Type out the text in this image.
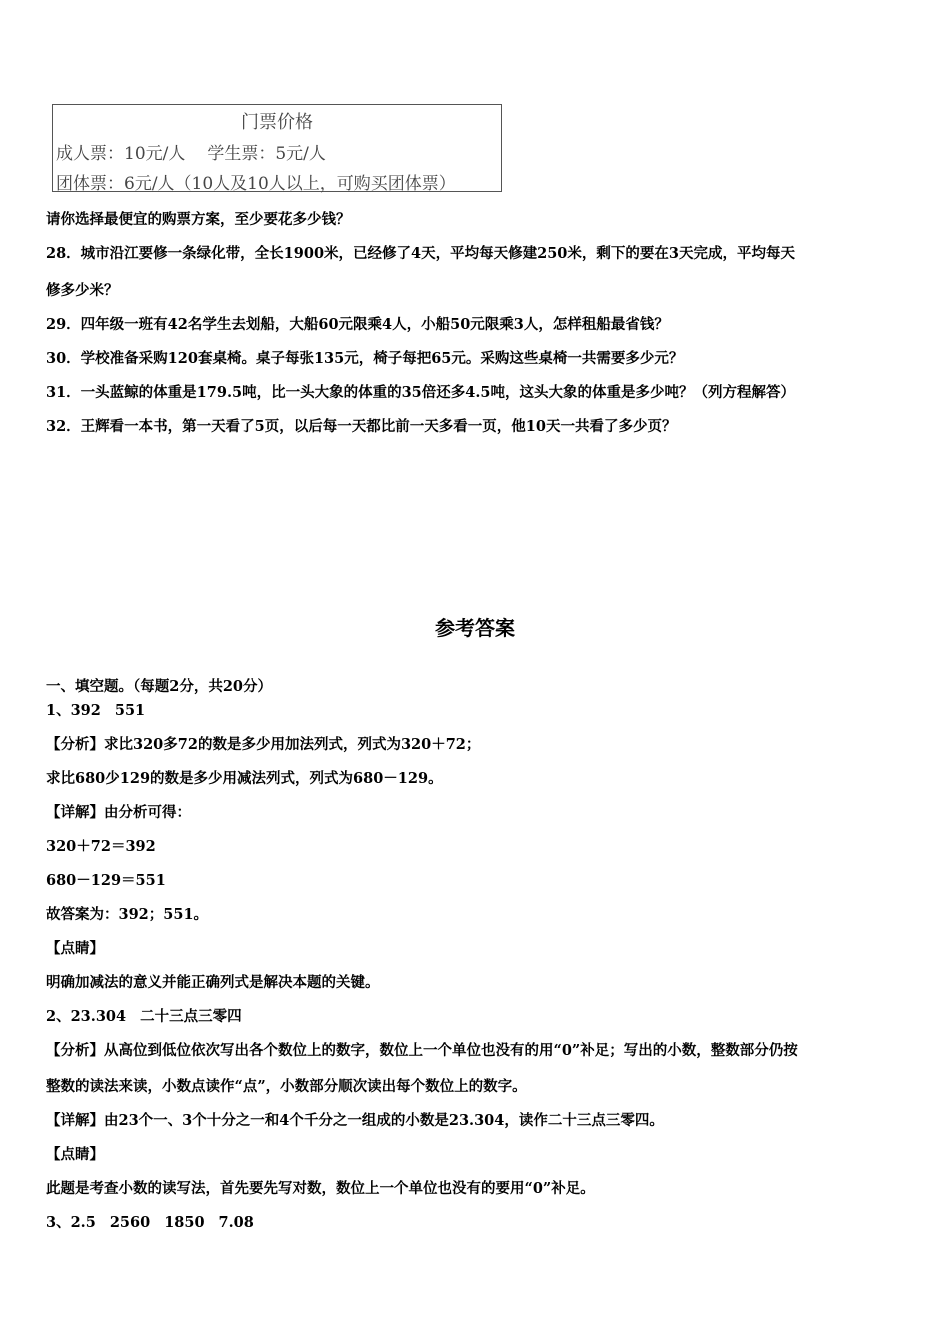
门票价格
成人票：10元/人 学生票：5元/人
团体票：6元/人（10人及10人以上，可购买团体票）
请你选择最便宜的购票方案，至少要花多少钱？
28．城市沿江要修一条绿化带，全长1900米，已经修了4天，平均每天修建250米，剩下的要在3天完成，平均每天
修多少米？
29．四年级一班有42名学生去划船，大船60元限乘4人，小船50元限乘3人，怎样租船最省钱？
30．学校准备采购120套桌椅。桌子每张135元，椅子每把65元。采购这些桌椅一共需要多少元？
31．一头蓝鲸的体重是179.5吨，比一头大象的体重的35倍还多4.5吨，这头大象的体重是多少吨？（列方程解答）
32．王辉看一本书，第一天看了5页，以后每一天都比前一天多看一页，他10天一共看了多少页？
参考答案
一、填空题。（每题2分，共20分）
1、392 551
【分析】求比320多72的数是多少用加法列式，列式为320＋72；
求比680少129的数是多少用减法列式，列式为680－129。
【详解】由分析可得：
320＋72＝392
680－129＝551
故答案为：392；551。
【点睛】
明确加减法的意义并能正确列式是解决本题的关键。
2、23.304 二十三点三零四
【分析】从高位到低位依次写出各个数位上的数字，数位上一个单位也没有的用“0”补足；写出的小数，整数部分仍按
整数的读法来读，小数点读作“点”，小数部分顺次读出每个数位上的数字。
【详解】由23个一、3个十分之一和4个千分之一组成的小数是23.304，读作二十三点三零四。
【点睛】
此题是考查小数的读写法，首先要先写对数，数位上一个单位也没有的要用“0”补足。
3、2.5 2560 1850 7.08
